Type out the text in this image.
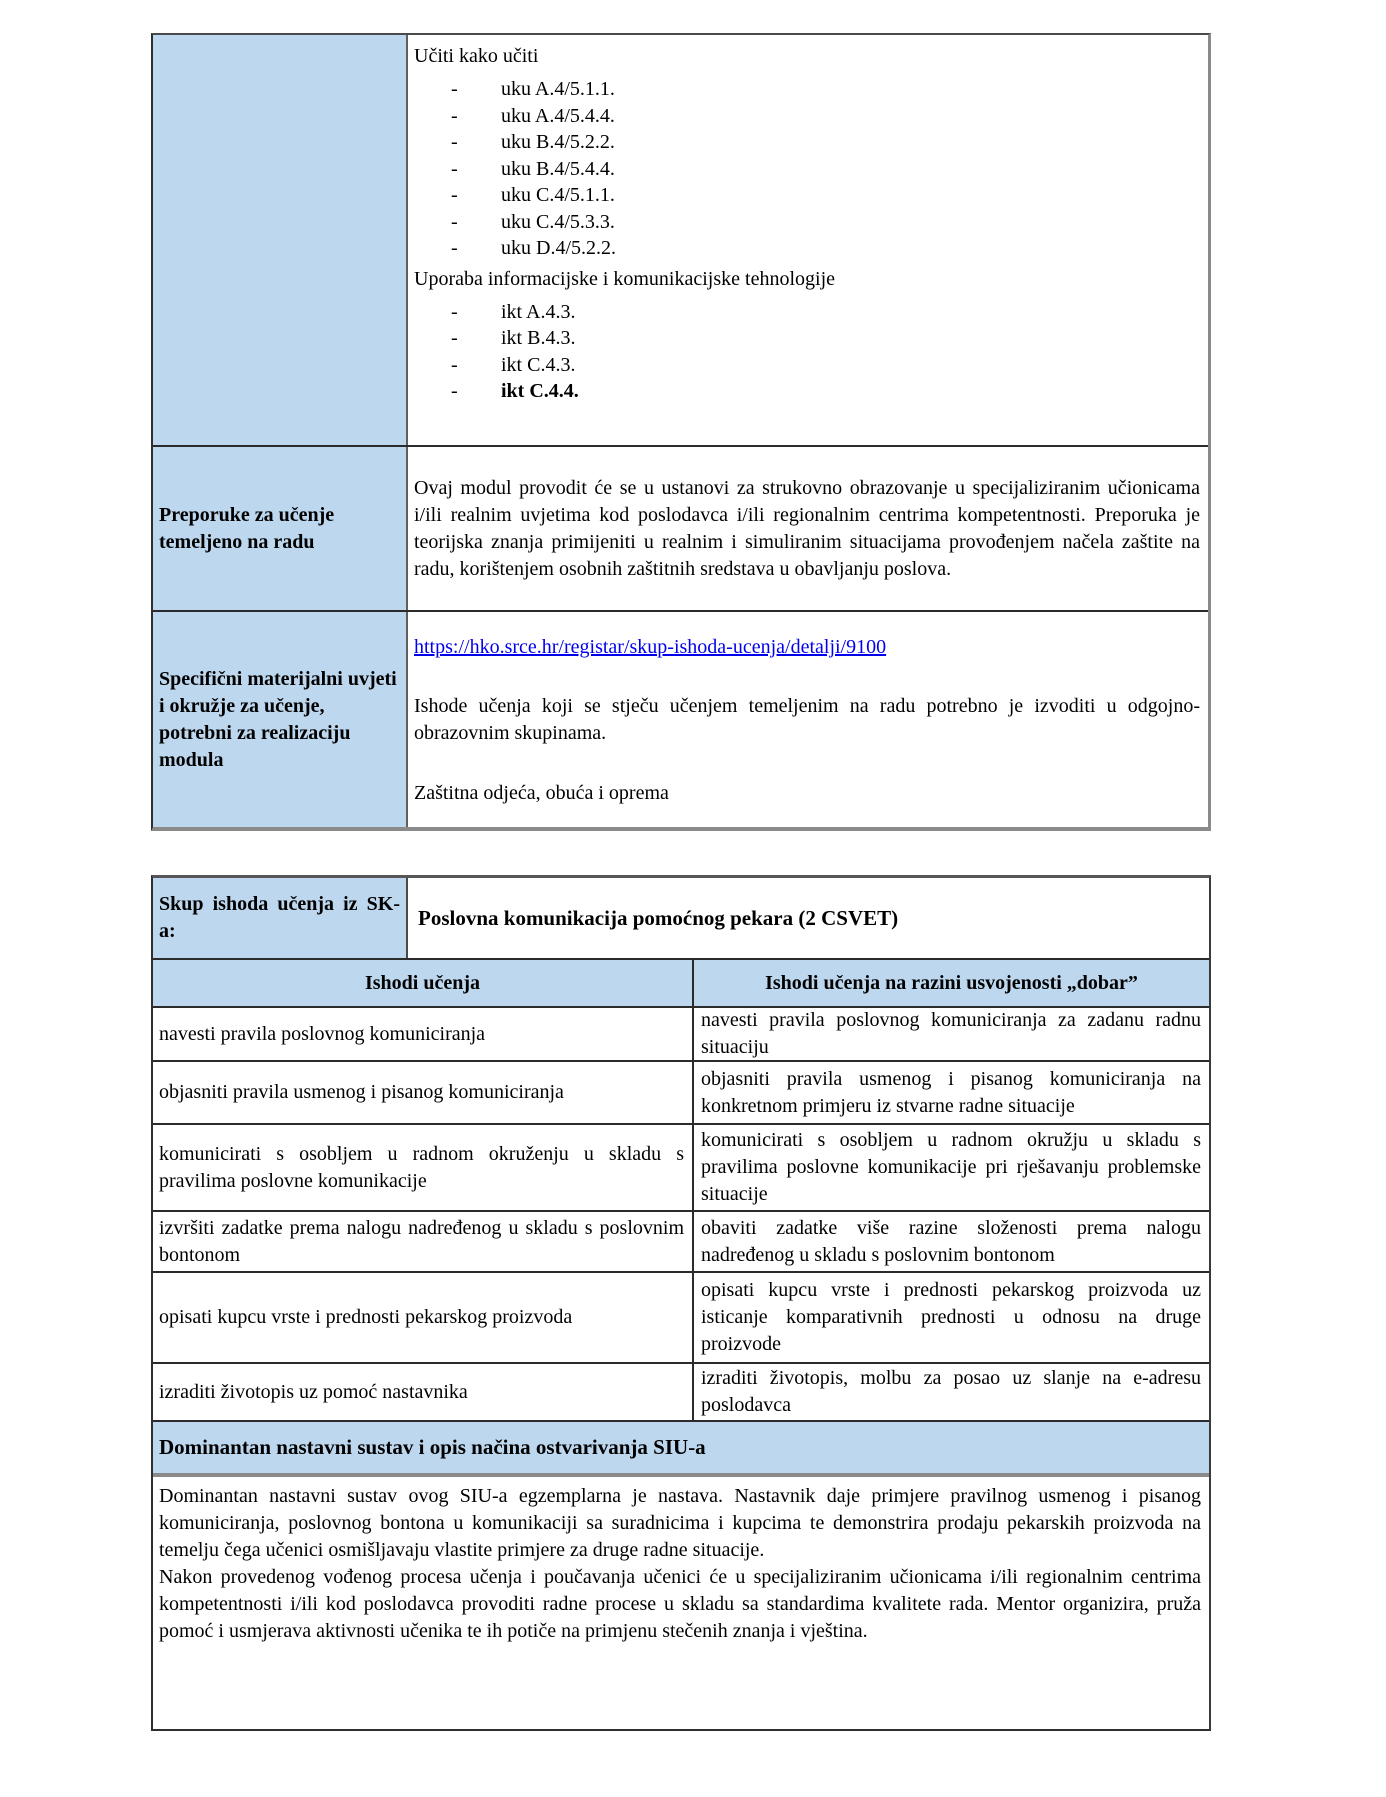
Učiti kako učiti
- uku A.4/5.1.1.
- uku A.4/5.4.4.
- uku B.4/5.2.2.
- uku B.4/5.4.4.
- uku C.4/5.1.1.
- uku C.4/5.3.3.
- uku D.4/5.2.2.
Uporaba informacijske i komunikacijske tehnologije
- ikt A.4.3.
- ikt B.4.3.
- ikt C.4.3.
- ikt C.4.4.
Preporuke za učenje temeljeno na radu
Ovaj modul provodit će se u ustanovi za strukovno obrazovanje u specijaliziranim učionicama i/ili realnim uvjetima kod poslodavca i/ili regionalnim centrima kompetentnosti. Preporuka je teorijska znanja primijeniti u realnim i simuliranim situacijama provođenjem načela zaštite na radu, korištenjem osobnih zaštitnih sredstava u obavljanju poslova.
Specifični materijalni uvjeti i okružje za učenje, potrebni za realizaciju modula
https://hko.srce.hr/registar/skup-ishoda-ucenja/detalji/9100
Ishode učenja koji se stječu učenjem temeljenim na radu potrebno je izvoditi u odgojno-obrazovnim skupinama.
Zaštitna odjeća, obuća i oprema
Skup ishoda učenja iz SK-a:
Poslovna komunikacija pomoćnog pekara (2 CSVET)
Ishodi učenja	Ishodi učenja na razini usvojenosti „dobar”
navesti pravila poslovnog komuniciranja
navesti pravila poslovnog komuniciranja za zadanu radnu situaciju
objasniti pravila usmenog i pisanog komuniciranja
objasniti pravila usmenog i pisanog komuniciranja na konkretnom primjeru iz stvarne radne situacije
komunicirati s osobljem u radnom okruženju u skladu s pravilima poslovne komunikacije
komunicirati s osobljem u radnom okružju u skladu s pravilima poslovne komunikacije pri rješavanju problemske situacije
izvršiti zadatke prema nalogu nadređenog u skladu s poslovnim bontonom
obaviti zadatke više razine složenosti prema nalogu nadređenog u skladu s poslovnim bontonom
opisati kupcu vrste i prednosti pekarskog proizvoda
opisati kupcu vrste i prednosti pekarskog proizvoda uz isticanje komparativnih prednosti u odnosu na druge proizvode
izraditi životopis uz pomoć nastavnika
izraditi životopis, molbu za posao uz slanje na e-adresu poslodavca
Dominantan nastavni sustav i opis načina ostvarivanja SIU-a

Dominantan nastavni sustav ovog SIU-a egzemplarna je nastava. Nastavnik daje primjere pravilnog usmenog i pisanog komuniciranja, poslovnog bontona u komunikaciji sa suradnicima i kupcima te demonstrira prodaju pekarskih proizvoda na temelju čega učenici osmišljavaju vlastite primjere za druge radne situacije.

Nakon provedenog vođenog procesa učenja i poučavanja učenici će u specijaliziranim učionicama i/ili regionalnim centrima kompetentnosti i/ili kod poslodavca provoditi radne procese u skladu sa standardima kvalitete rada. Mentor organizira, pruža pomoć i usmjerava aktivnosti učenika te ih potiče na primjenu stečenih znanja i vještina.
